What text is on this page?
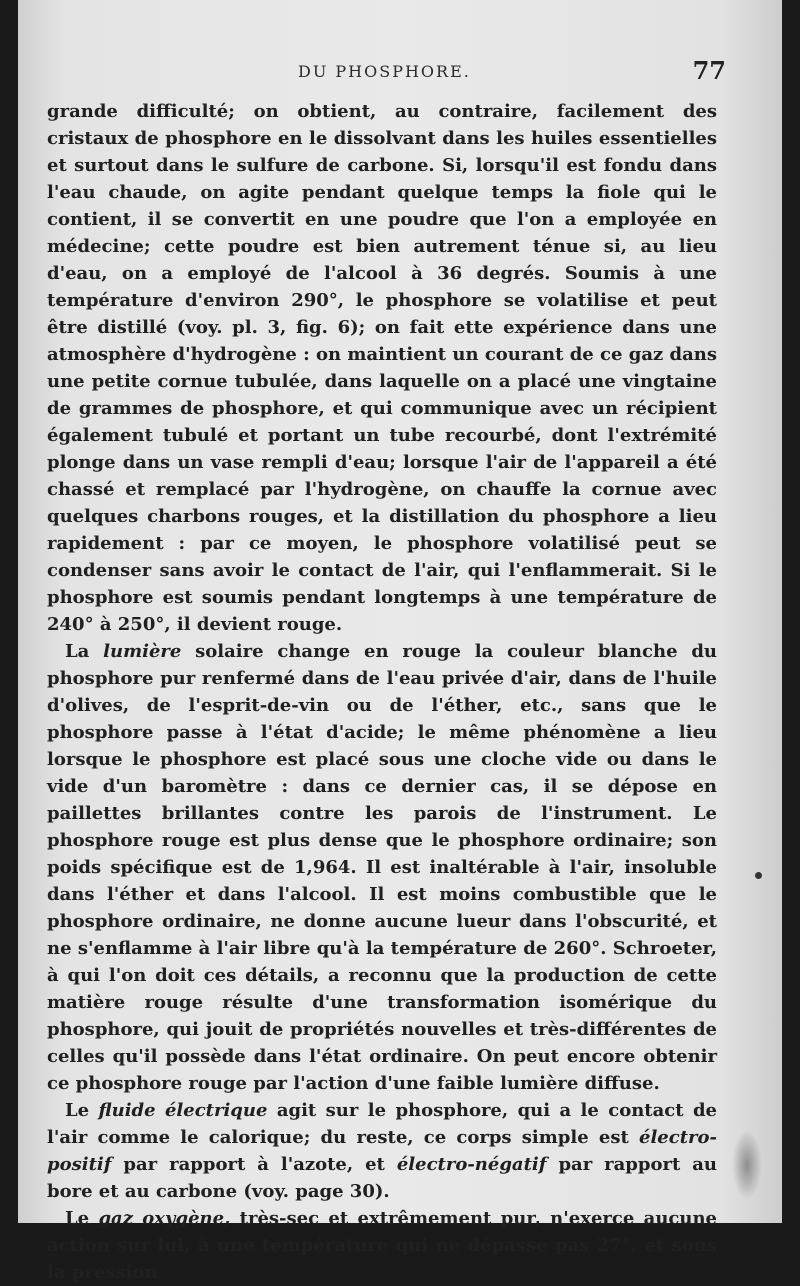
DU PHOSPHORE.	77

grande difficulté; on obtient, au contraire, facilement des cristaux de phosphore en le dissolvant dans les huiles essentielles et surtout dans le sulfure de carbone. Si, lorsqu'il est fondu dans l'eau chaude, on agite pendant quelque temps la fiole qui le contient, il se convertit en une poudre que l'on a employée en médecine; cette poudre est bien autrement ténue si, au lieu d'eau, on a employé de l'alcool à 36 degrés. Soumis à une température d'environ 290°, le phosphore se volatilise et peut être distillé (voy. pl. 3, fig. 6); on fait ette expérience dans une atmosphère d'hydrogène : on maintient un courant de ce gaz dans une petite cornue tubulée, dans laquelle on a placé une vingtaine de grammes de phosphore, et qui communique avec un récipient également tubulé et portant un tube recourbé, dont l'extrémité plonge dans un vase rempli d'eau; lorsque l'air de l'appareil a été chassé et remplacé par l'hydrogène, on chauffe la cornue avec quelques charbons rouges, et la distillation du phosphore a lieu rapidement : par ce moyen, le phosphore volatilisé peut se condenser sans avoir le contact de l'air, qui l'enflammerait. Si le phosphore est soumis pendant longtemps à une température de 240° à 250°, il devient rouge.

La lumière solaire change en rouge la couleur blanche du phosphore pur renfermé dans de l'eau privée d'air, dans de l'huile d'olives, de l'esprit-de-vin ou de l'éther, etc., sans que le phosphore passe à l'état d'acide; le même phénomène a lieu lorsque le phosphore est placé sous une cloche vide ou dans le vide d'un baromètre : dans ce dernier cas, il se dépose en paillettes brillantes contre les parois de l'instrument. Le phosphore rouge est plus dense que le phosphore ordinaire; son poids spécifique est de 1,964. Il est inaltérable à l'air, insoluble dans l'éther et dans l'alcool. Il est moins combustible que le phosphore ordinaire, ne donne aucune lueur dans l'obscurité, et ne s'enflamme à l'air libre qu'à la température de 260°. Schroeter, à qui l'on doit ces détails, a reconnu que la production de cette matière rouge résulte d'une transformation isomérique du phosphore, qui jouit de propriétés nouvelles et très-différentes de celles qu'il possède dans l'état ordinaire. On peut encore obtenir ce phosphore rouge par l'action d'une faible lumière diffuse.

Le fluide électrique agit sur le phosphore, qui a le contact de l'air comme le calorique; du reste, ce corps simple est électro-positif par rapport à l'azote, et électro-négatif par rapport au bore et au carbone (voy. page 30).

Le gaz oxygène, très-sec et extrêmement pur, n'exerce aucune action sur lui, à une température qui ne dépasse pas 27°, et sous la pression
